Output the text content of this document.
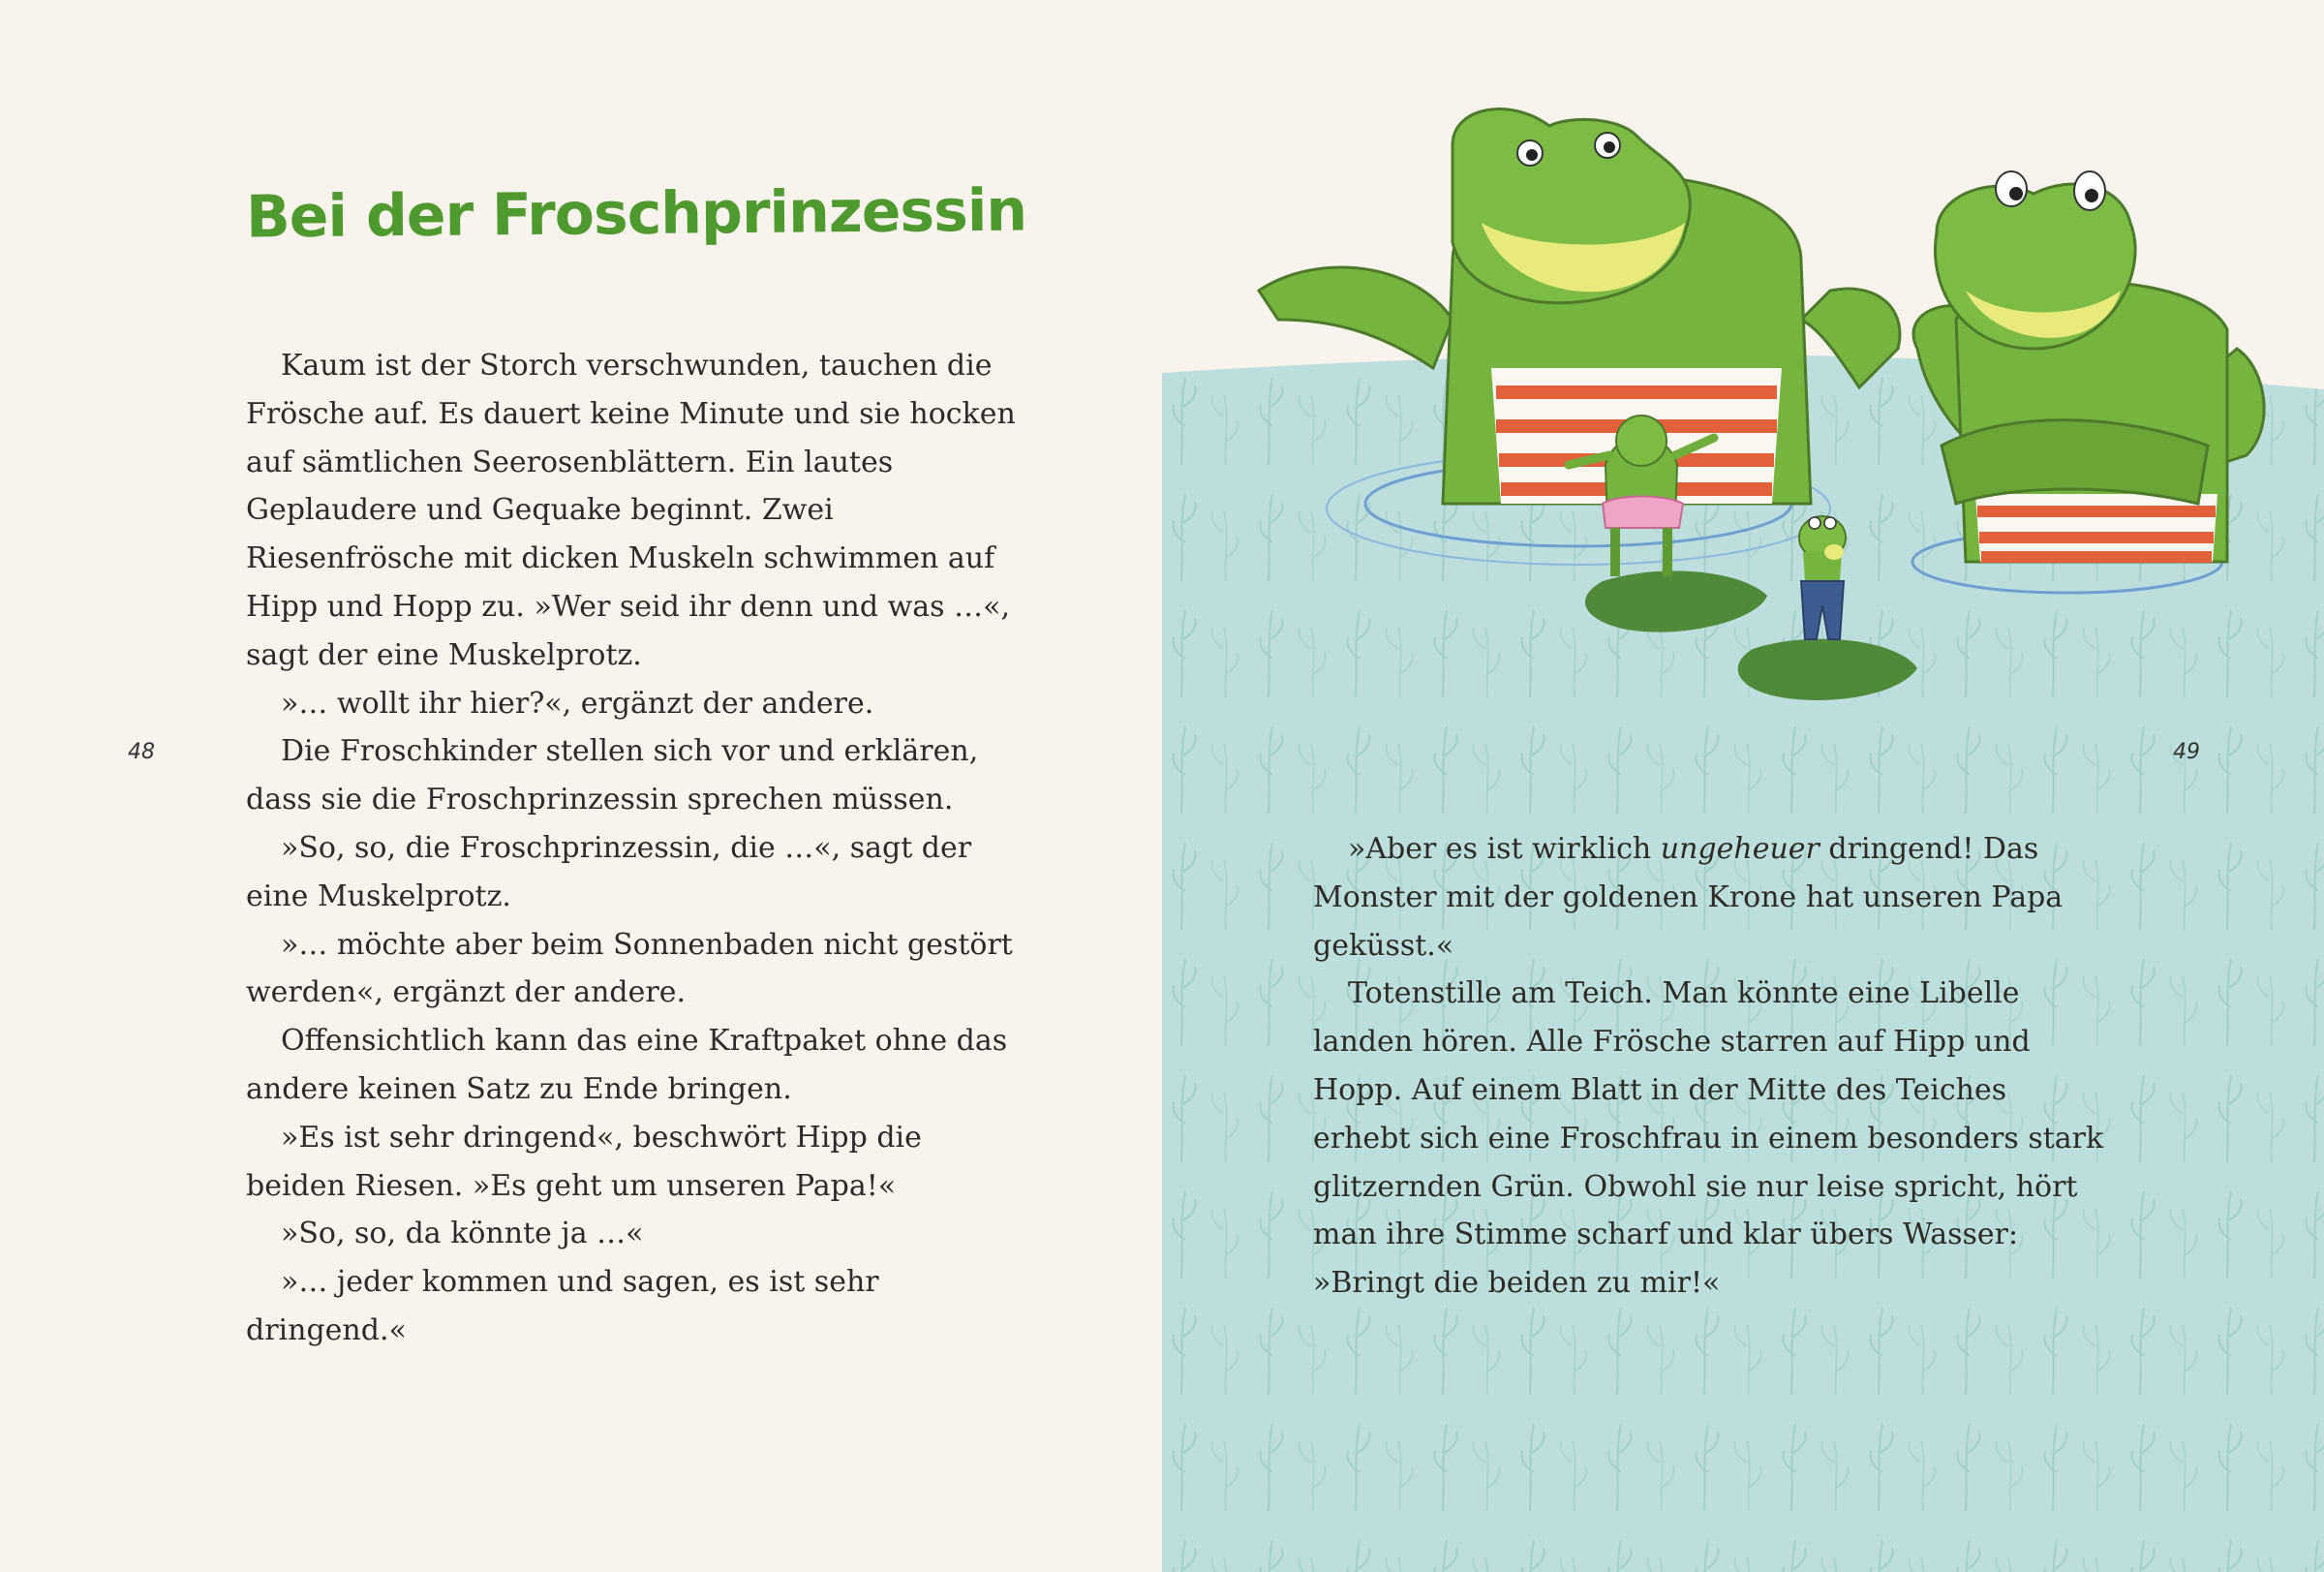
Bei der Froschprinzessin

Kaum ist der Storch verschwunden, tauchen die Frösche auf. Es dauert keine Minute und sie hocken auf sämtlichen Seerosenblättern. Ein lautes Geplaudere und Gequake beginnt. Zwei Riesenfrösche mit dicken Muskeln schwimmen auf Hipp und Hopp zu. »Wer seid ihr denn und was …«, sagt der eine Muskelprotz.

»… wollt ihr hier?«, ergänzt der andere.

Die Froschkinder stellen sich vor und erklären, dass sie die Froschprinzessin sprechen müssen.

»So, so, die Froschprinzessin, die …«, sagt der eine Muskelprotz.

»… möchte aber beim Sonnenbaden nicht gestört werden«, ergänzt der andere.

Offensichtlich kann das eine Kraftpaket ohne das andere keinen Satz zu Ende bringen.

»Es ist sehr dringend«, beschwört Hipp die beiden Riesen. »Es geht um unseren Papa!«

»So, so, da könnte ja …«

»… jeder kommen und sagen, es ist sehr dringend.«

48

»Aber es ist wirklich ungeheuer dringend! Das Monster mit der goldenen Krone hat unseren Papa geküsst.«

Totenstille am Teich. Man könnte eine Libelle landen hören. Alle Frösche starren auf Hipp und Hopp. Auf einem Blatt in der Mitte des Teiches erhebt sich eine Froschfrau in einem besonders stark glitzernden Grün. Obwohl sie nur leise spricht, hört man ihre Stimme scharf und klar übers Wasser: »Bringt die beiden zu mir!«

49
